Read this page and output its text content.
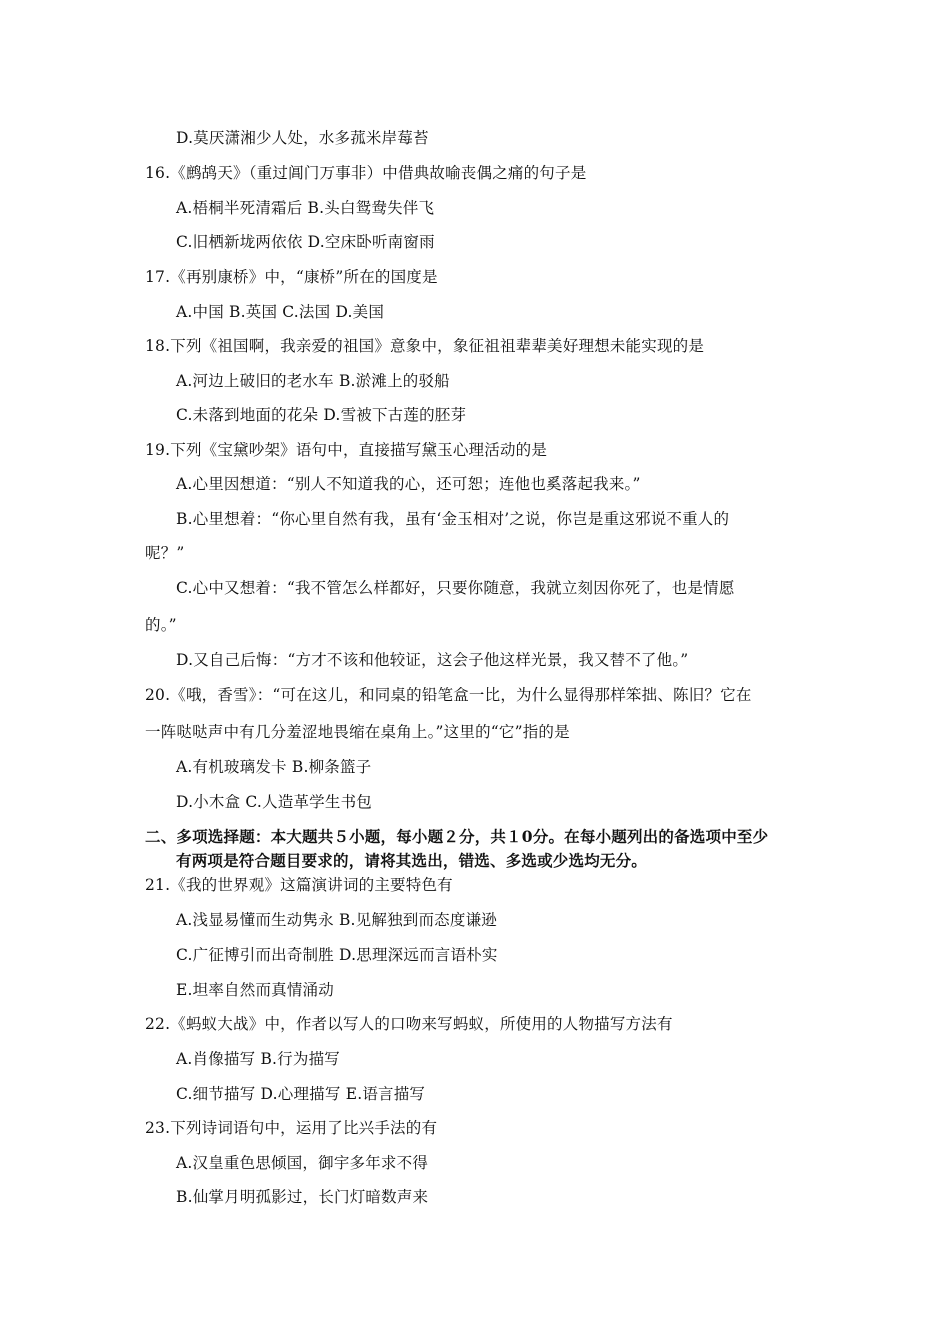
D.莫厌潇湘少人处，水多菰米岸莓苔
16.《鹧鸪天》（重过阊门万事非）中借典故喻丧偶之痛的句子是
A.梧桐半死清霜后 B.头白鸳鸯失伴飞
C.旧栖新垅两依依 D.空床卧听南窗雨
17.《再别康桥》中，“康桥”所在的国度是
A.中国 B.英国 C.法国 D.美国
18.下列《祖国啊，我亲爱的祖国》意象中，象征祖祖辈辈美好理想未能实现的是
A.河边上破旧的老水车 B.淤滩上的驳船
C.未落到地面的花朵 D.雪被下古莲的胚芽
19.下列《宝黛吵架》语句中，直接描写黛玉心理活动的是
A.心里因想道：“别人不知道我的心，还可恕；连他也奚落起我来。”
B.心里想着：“你心里自然有我，虽有‘金玉相对’之说，你岂是重这邪说不重人的
呢？”
C.心中又想着：“我不管怎么样都好，只要你随意，我就立刻因你死了，也是情愿
的。”
D.又自己后悔：“方才不该和他较证，这会子他这样光景，我又替不了他。”
20.《哦，香雪》：“可在这儿，和同桌的铅笔盒一比，为什么显得那样笨拙、陈旧？它在
一阵哒哒声中有几分羞涩地畏缩在桌角上。”这里的“它”指的是
A.有机玻璃发卡 B.柳条篮子
D.小木盒 C.人造革学生书包
二、多项选择题：本大题共５小题，每小题２分，共１0分。在每小题列出的备选项中至少
有两项是符合题目要求的，请将其选出，错选、多选或少选均无分。
21.《我的世界观》这篇演讲词的主要特色有
A.浅显易懂而生动隽永 B.见解独到而态度谦逊
C.广征博引而出奇制胜 D.思理深远而言语朴实
E.坦率自然而真情涌动
22.《蚂蚁大战》中，作者以写人的口吻来写蚂蚁，所使用的人物描写方法有
A.肖像描写 B.行为描写
C.细节描写 D.心理描写 E.语言描写
23.下列诗词语句中，运用了比兴手法的有
A.汉皇重色思倾国，御宇多年求不得
B.仙掌月明孤影过，长门灯暗数声来
